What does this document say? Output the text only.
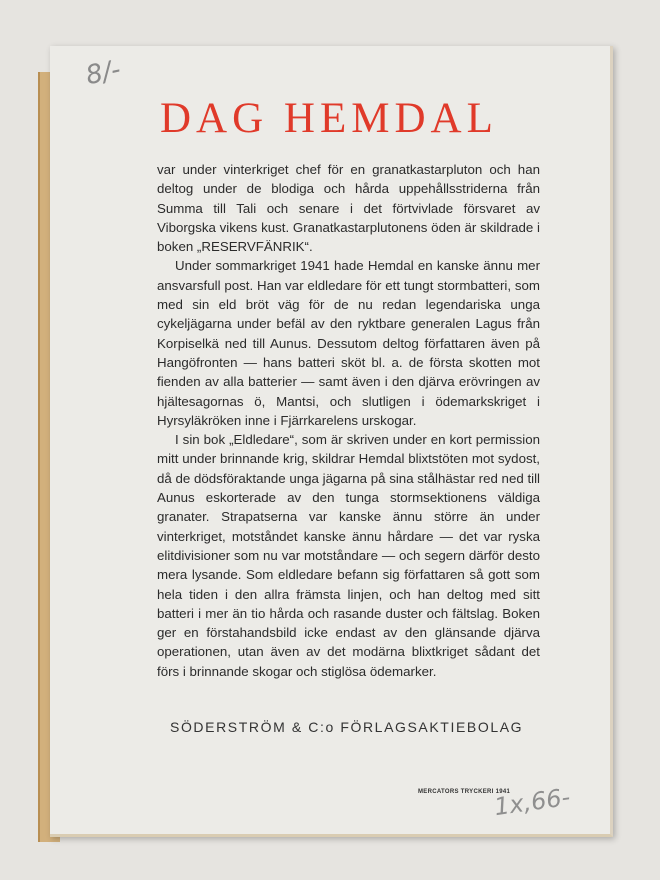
8/-
DAG HEMDAL

var under vinterkriget chef för en granatkastarpluton och han deltog under de blodiga och hårda uppehållsstriderna från Summa till Tali och senare i det förtvivlade försvaret av Viborgska vikens kust. Granatkastarplutonens öden är skildrade i boken „RESERVFÄNRIK“.

Under sommarkriget 1941 hade Hemdal en kanske ännu mer ansvarsfull post. Han var eldledare för ett tungt stormbatteri, som med sin eld bröt väg för de nu redan legendariska unga cykeljägarna under befäl av den ryktbare generalen Lagus från Korpiselkä ned till Aunus. Dessutom deltog författaren även på Hangöfronten — hans batteri sköt bl. a. de första skotten mot fienden av alla batterier — samt även i den djärva erövringen av hjältesagornas ö, Mantsi, och slutligen i ödemarkskriget i Hyrsyläkröken inne i Fjärrkarelens urskogar.

I sin bok „Eldledare“, som är skriven under en kort permission mitt under brinnande krig, skildrar Hemdal blixtstöten mot sydost, då de dödsföraktande unga jägarna på sina stålhästar red ned till Aunus eskorterade av den tunga stormsektionens väldiga granater. Strapatserna var kanske ännu större än under vinterkriget, motståndet kanske ännu hårdare — det var ryska elitdivisioner som nu var motståndare — och segern därför desto mera lysande. Som eldledare befann sig författaren så gott som hela tiden i den allra främsta linjen, och han deltog med sitt batteri i mer än tio hårda och rasande duster och fältslag. Boken ger en förstahandsbild icke endast av den glänsande djärva operationen, utan även av det modärna blixtkriget sådant det förs i brinnande skogar och stiglösa ödemarker.

SÖDERSTRÖM & C:o FÖRLAGSAKTIEBOLAG
MERCATORS TRYCKERI 1941
1x,66-
